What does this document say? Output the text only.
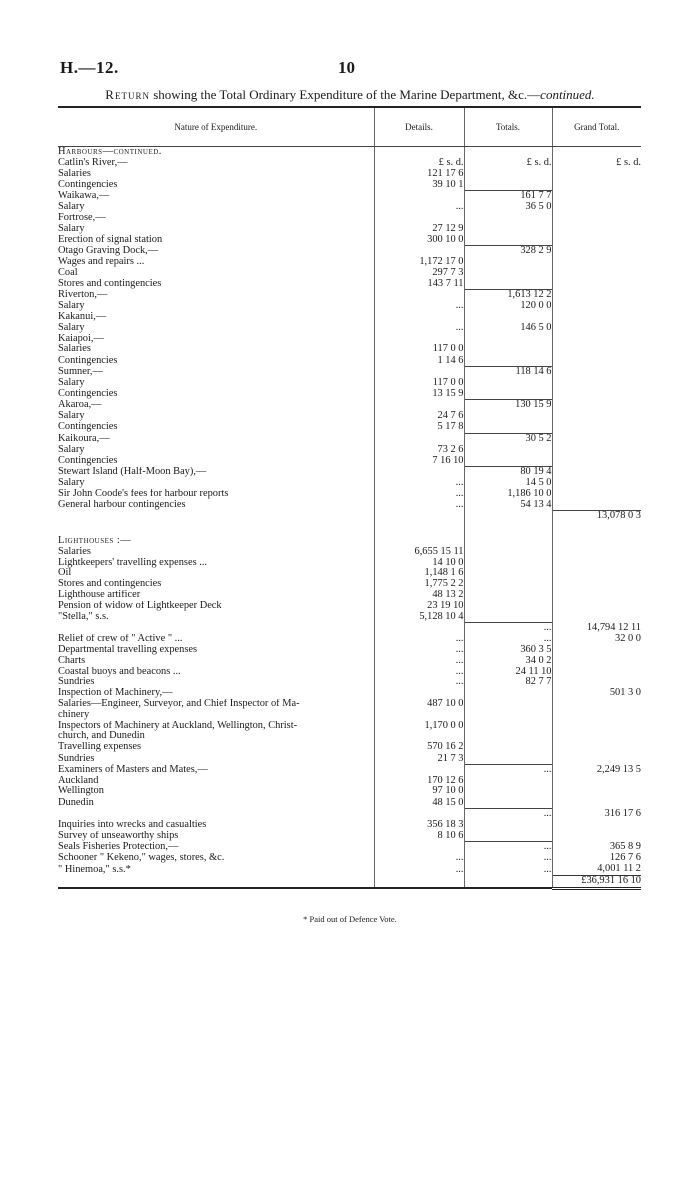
H.—12.	10
Return showing the Total Ordinary Expenditure of the Marine Department, &c.—continued.
Nature of Expenditure.	Details.	Totals.	Grand Total.
Harbours—continued.			
Catlin's River,—	£ s. d.	£ s. d.	£ s. d.
Salaries	121 17 6		
Contingencies	39 10 1		
Waikawa,—		161 7 7	
Salary	...	36 5 0	
Fortrose,—			
Salary	27 12 9		
Erection of signal station	300 10 0		
Otago Graving Dock,—		328 2 9	
Wages and repairs ...	1,172 17 0		
Coal	297 7 3		
Stores and contingencies	143 7 11		
Riverton,—		1,613 12 2	
Salary	...	120 0 0	
Kakanui,—			
Salary	...	146 5 0	
Kaiapoi,—			
Salaries	117 0 0		
Contingencies	1 14 6		
Sumner,—		118 14 6	
Salary	117 0 0		
Contingencies	13 15 9		
Akaroa,—		130 15 9	
Salary	24 7 6		
Contingencies	5 17 8		
Kaikoura,—		30 5 2	
Salary	73 2 6		
Contingencies	7 16 10		
Stewart Island (Half-Moon Bay),—		80 19 4	
Salary	...	14 5 0	
Sir John Coode's fees for harbour reports	...	1,186 10 0	
General harbour contingencies	...	54 13 4	
			13,078 0 3

Lighthouses :—			
Salaries	6,655 15 11		
Lightkeepers' travelling expenses ...	14 10 0		
Oil	1,148 1 6		
Stores and contingencies	1,775 2 2		
Lighthouse artificer	48 13 2		
Pension of widow of Lightkeeper Deck	23 19 10		
"Stella," s.s.	5,128 10 4		
		...	14,794 12 11
Relief of crew of " Active " ...	...	...	32 0 0
Departmental travelling expenses	...	360 3 5	
Charts	...	34 0 2	
Coastal buoys and beacons ...	...	24 11 10	
Sundries	...	82 7 7	
Inspection of Machinery,—			501 3 0
Salaries—Engineer, Surveyor, and Chief Inspector of Ma-	487 10 0		
chinery			
Inspectors of Machinery at Auckland, Wellington, Christ-	1,170 0 0		
church, and Dunedin			
Travelling expenses	570 16 2		
Sundries	21 7 3		
Examiners of Masters and Mates,—		...	2,249 13 5
Auckland	170 12 6		
Wellington	97 10 0		
Dunedin	48 15 0		
		...	316 17 6
Inquiries into wrecks and casualties	356 18 3		
Survey of unseaworthy ships	8 10 6		
Seals Fisheries Protection,—		...	365 8 9
Schooner " Kekeno," wages, stores, &c.	...	...	126 7 6
" Hinemoa," s.s.*	...	...	4,001 11 2
			£36,931 16 10
* Paid out of Defence Vote.
